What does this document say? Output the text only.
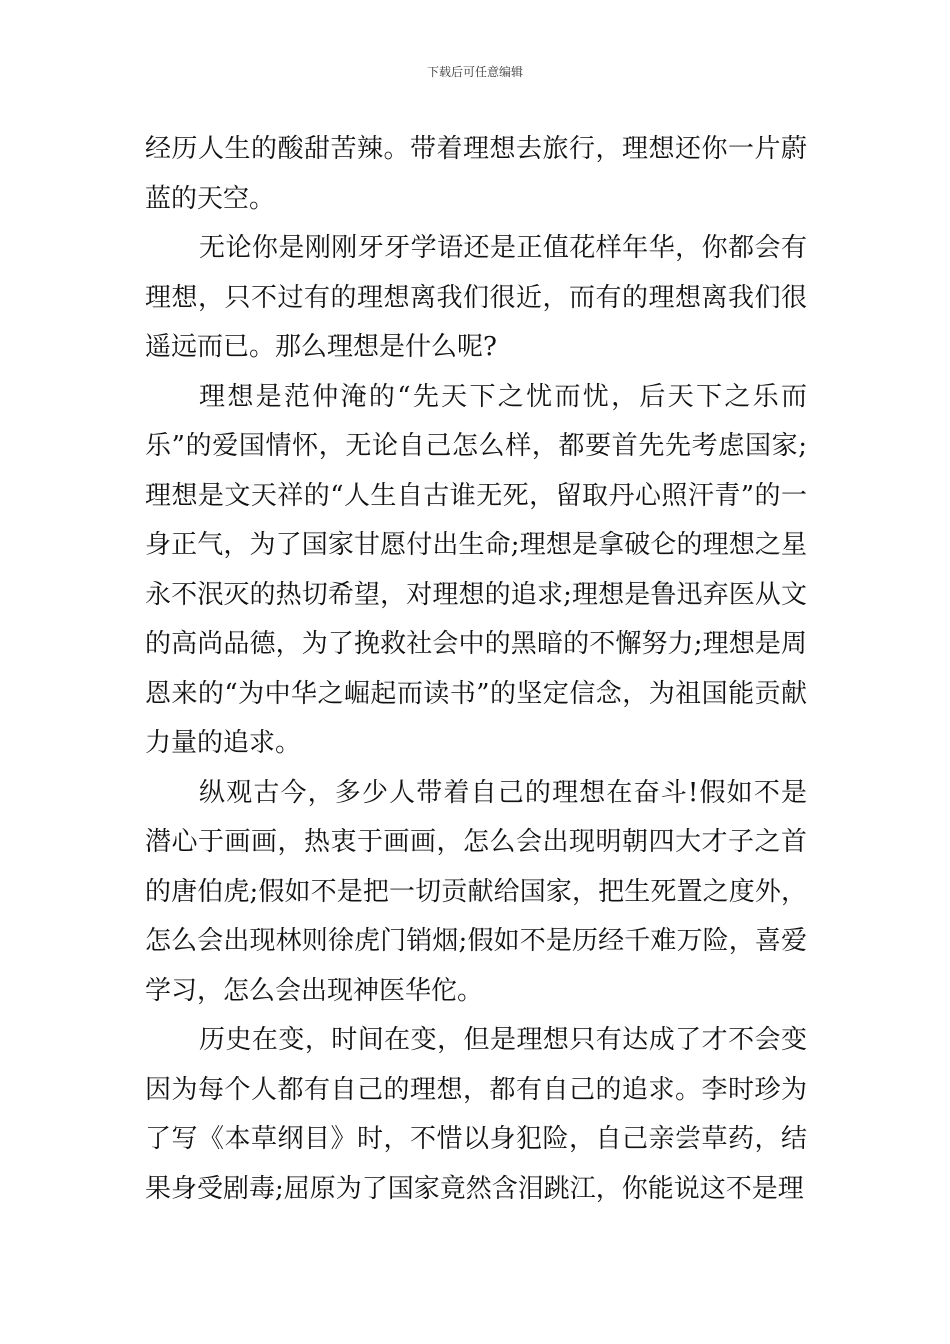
下载后可任意编辑

经历人生的酸甜苦辣。带着理想去旅行，理想还你一片蔚蓝的天空。

无论你是刚刚牙牙学语还是正值花样年华，你都会有理想，只不过有的理想离我们很近，而有的理想离我们很遥远而已。那么理想是什么呢?

理想是范仲淹的“先天下之忧而忧，后天下之乐而乐”的爱国情怀，无论自己怎么样，都要首先先考虑国家;理想是文天祥的“人生自古谁无死，留取丹心照汗青”的一身正气，为了国家甘愿付出生命;理想是拿破仑的理想之星永不泯灭的热切希望，对理想的追求;理想是鲁迅弃医从文的高尚品德，为了挽救社会中的黑暗的不懈努力;理想是周恩来的“为中华之崛起而读书”的坚定信念，为祖国能贡献力量的追求。

纵观古今，多少人带着自己的理想在奋斗!假如不是潜心于画画，热衷于画画，怎么会出现明朝四大才子之首的唐伯虎;假如不是把一切贡献给国家，把生死置之度外，怎么会出现林则徐虎门销烟;假如不是历经千难万险，喜爱学习，怎么会出现神医华佗。

历史在变，时间在变，但是理想只有达成了才不会变因为每个人都有自己的理想，都有自己的追求。李时珍为了写《本草纲目》时，不惜以身犯险，自己亲尝草药，结果身受剧毒;屈原为了国家竟然含泪跳江，你能说这不是理
